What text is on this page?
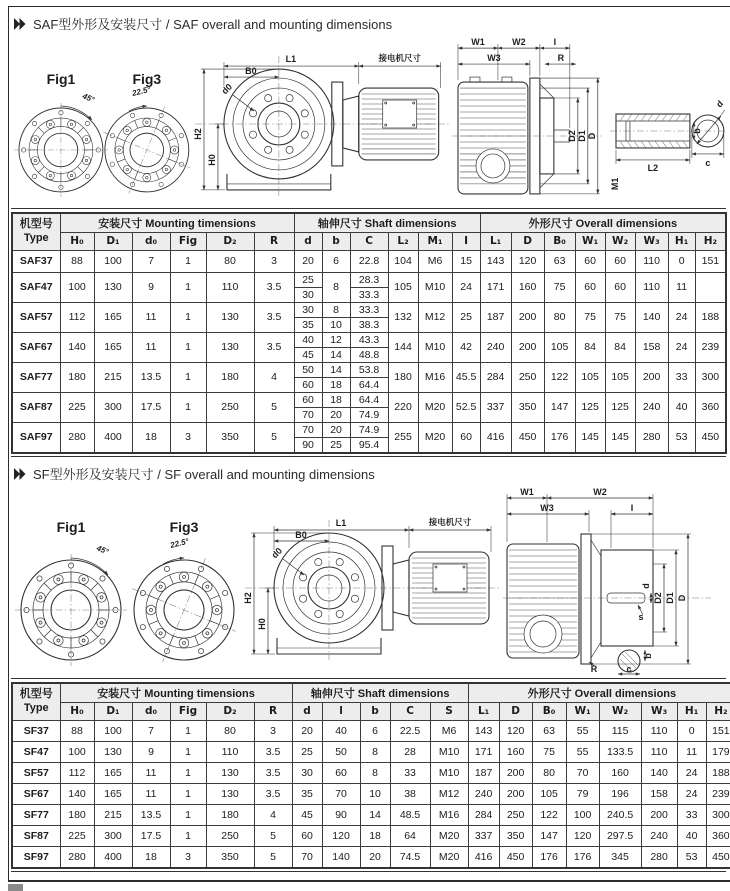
SAF型外形及安装尺寸 / SAF overall and mounting dimensions
Fig1	Fig3
45°	22.5°
W1	W2	I
W3	R
D2 D1 D
b
L2
M1
d
c
机型号
Type	安装尺寸 Mounting timensions						轴伸尺寸 Shaft dimensions						外形尺寸 Overall dimensions							
	H₀	D₁	d₀	Fig	D₂	R	d	b	C	L₂	M₁	I	L₁	D	B₀	W₁	W₂	W₃	H₁	H₂
SAF37	88	100	7	1	80	3	20	6	22.8	104	M6	15	143	120	63	60	60	110	0	151
SAF47	100	130	9	1	110	3.5	25	8	28.3	105	M10	24	171	160	75	60	60	110	11	
							30		33.3											
SAF57	112	165	11	1	130	3.5	30	8	33.3	132	M12	25	187	200	80	75	75	140	24	188
							35	10	38.3											
SAF67	140	165	11	1	130	3.5	40	12	43.3	144	M10	42	240	200	105	84	84	158	24	239
							45	14	48.8											
SAF77	180	215	13.5	1	180	4	50	14	53.8	180	M16	45.5	284	250	122	105	105	200	33	300
							60	18	64.4											
SAF87	225	300	17.5	1	250	5	60	18	64.4	220	M20	52.5	337	350	147	125	125	240	40	360
							70	20	74.9											
SAF97	280	400	18	3	350	5	70	20	74.9	255	M20	60	416	450	176	145	145	280	53	450
							90	25	95.4											
SF型外形及安装尺寸 / SF overall and mounting dimensions
Fig1	Fig3
45°
22.5°
W1	W2
W3	I
R
D2 D1 D
d
s
b
c
机型号
Type	安装尺寸 Mounting timensions						轴伸尺寸 Shaft dimensions					外形尺寸 Overall dimensions							
	H₀	D₁	d₀	Fig	D₂	R	d	l	b	C	S	L₁	D	B₀	W₁	W₂	W₃	H₁	H₂
SF37	88	100	7	1	80	3	20	40	6	22.5	M6	143	120	63	55	115	110	0	151
SF47	100	130	9	1	110	3.5	25	50	8	28	M10	171	160	75	55	133.5	110	11	179
SF57	112	165	11	1	130	3.5	30	60	8	33	M10	187	200	80	70	160	140	24	188
SF67	140	165	11	1	130	3.5	35	70	10	38	M12	240	200	105	79	196	158	24	239
SF77	180	215	13.5	1	180	4	45	90	14	48.5	M16	284	250	122	100	240.5	200	33	300
SF87	225	300	17.5	1	250	5	60	120	18	64	M20	337	350	147	120	297.5	240	40	360
SF97	280	400	18	3	350	5	70	140	20	74.5	M20	416	450	176	176	345	280	53	450
